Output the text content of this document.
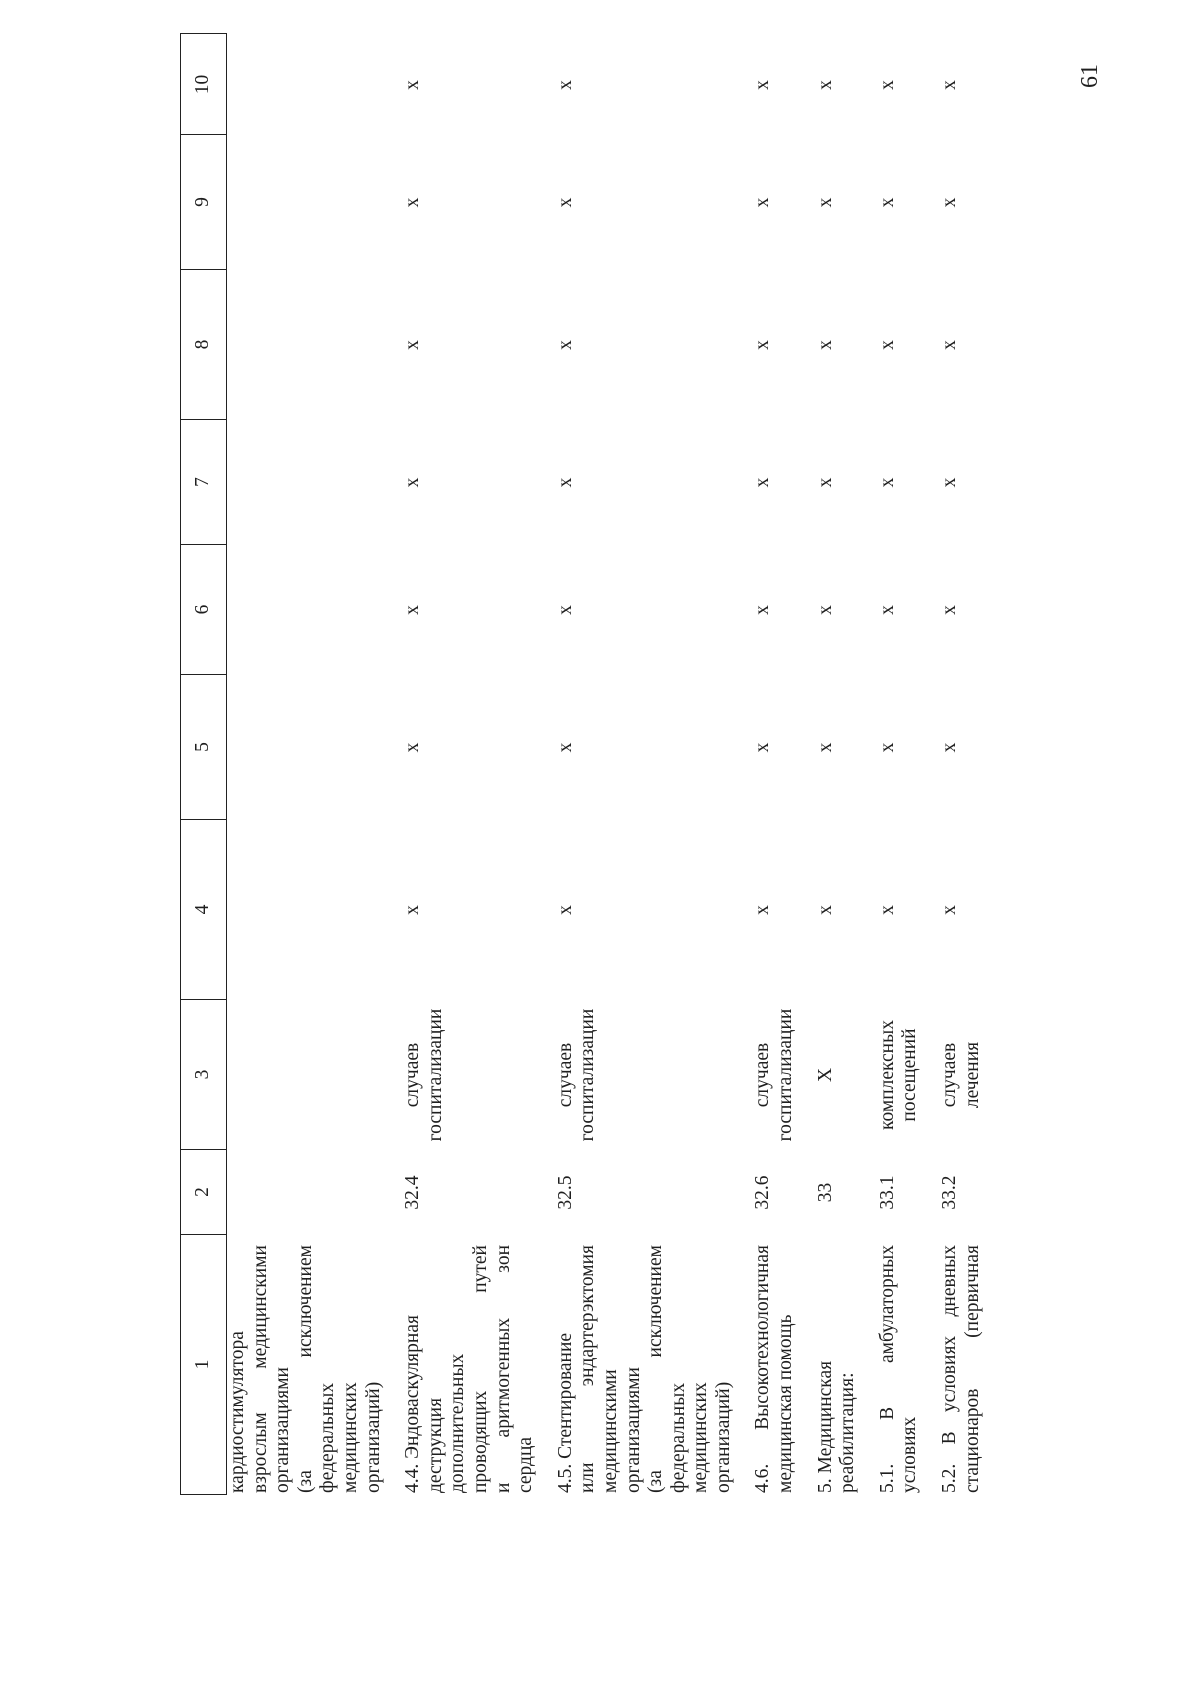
61
1
2
3
4
5
6
7
8
9
10
кардиостимулятора взрослым медицинскими организациями (за исключением федеральных медицинских организаций) 4.4. Эндоваскулярная деструкция дополнительных проводящих путей и аритмогенных зон сердца
32.4
случаев госпитализации
x
x
x
x
x
x
x
4.5. Стентирование или эндартерэктомия медицинскими организациями (за исключением федеральных медицинских организаций)
32.5
случаев госпитализации
x
x
x
x
x
x
x
4.6. Высокотехнологичная медицинская помощь
32.6
случаев госпитализации
x
x
x
x
x
x
x
5. Медицинская реабилитация:
33
X
x
x
x
x
x
x
x
5.1. В амбулаторных условиях
33.1
комплексных посещений
x
x
x
x
x
x
x
5.2. В условиях дневных стационаров (первичная
33.2
случаев лечения
x
x
x
x
x
x
x
